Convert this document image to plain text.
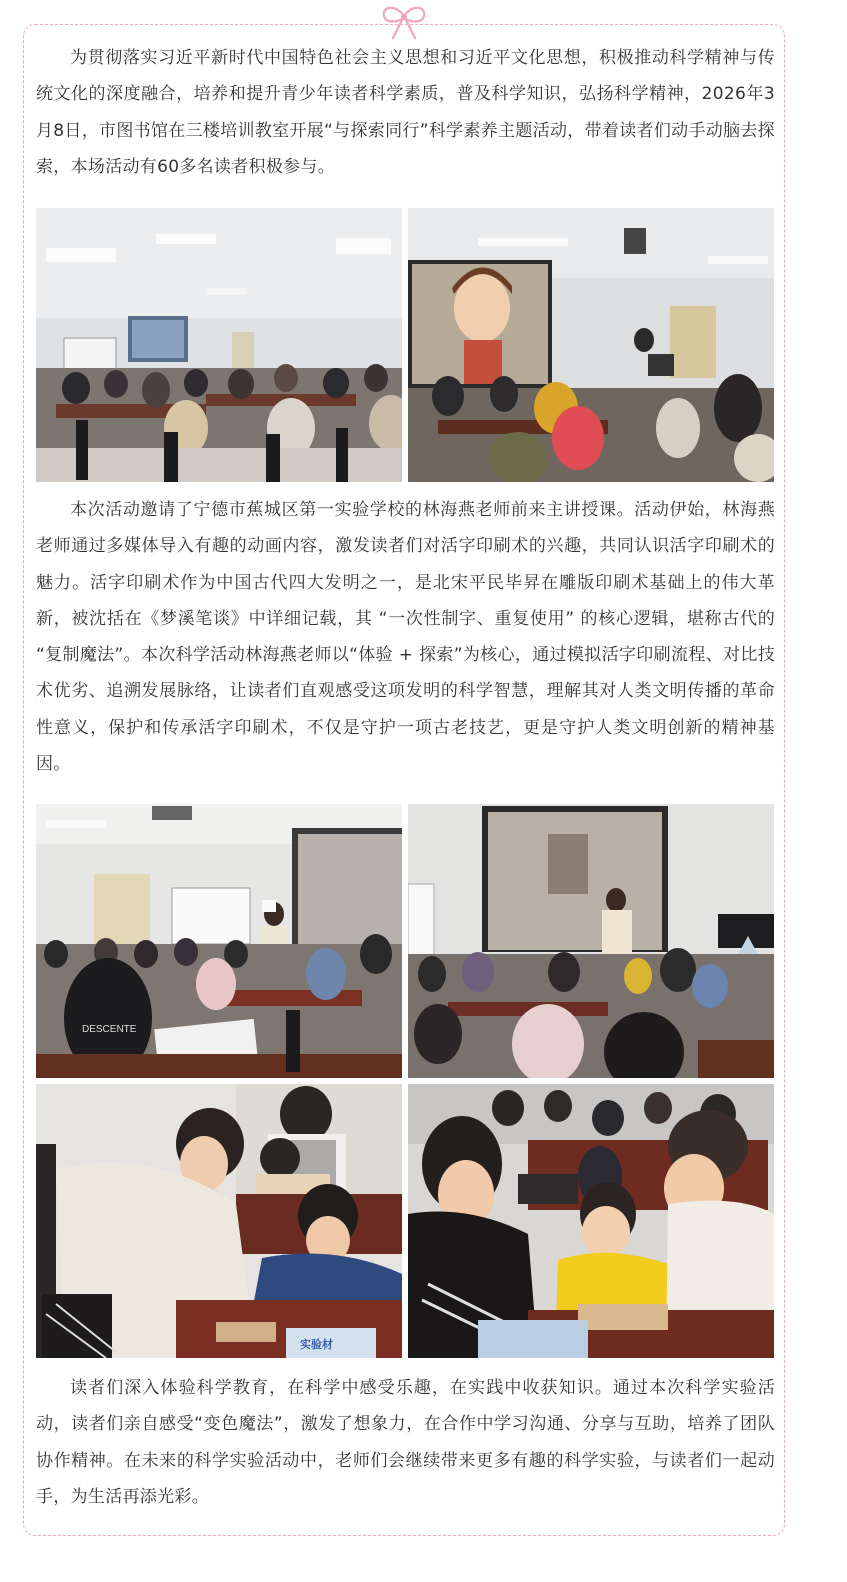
为贯彻落实习近平新时代中国特色社会主义思想和习近平文化思想，积极推动科学精神与传统文化的深度融合，培养和提升青少年读者科学素质，普及科学知识，弘扬科学精神，2026年3月8日，市图书馆在三楼培训教室开展“与探索同行”科学素养主题活动，带着读者们动手动脑去探索，本场活动有60多名读者积极参与。

本次活动邀请了宁德市蕉城区第一实验学校的林海燕老师前来主讲授课。活动伊始，林海燕老师通过多媒体导入有趣的动画内容，激发读者们对活字印刷术的兴趣，共同认识活字印刷术的魅力。活字印刷术作为中国古代四大发明之一，是北宋平民毕昇在雕版印刷术基础上的伟大革新，被沈括在《梦溪笔谈》中详细记载，其 “一次性制字、重复使用” 的核心逻辑，堪称古代的 “复制魔法”。本次科学活动林海燕老师以“体验 + 探索”为核心，通过模拟活字印刷流程、对比技术优劣、追溯发展脉络，让读者们直观感受这项发明的科学智慧，理解其对人类文明传播的革命性意义，保护和传承活字印刷术，不仅是守护一项古老技艺，更是守护人类文明创新的精神基因。

DESCENTE
实验材

读者们深入体验科学教育，在科学中感受乐趣，在实践中收获知识。通过本次科学实验活动，读者们亲自感受“变色魔法”，激发了想象力，在合作中学习沟通、分享与互助，培养了团队协作精神。在未来的科学实验活动中，老师们会继续带来更多有趣的科学实验，与读者们一起动手，为生活再添光彩。
